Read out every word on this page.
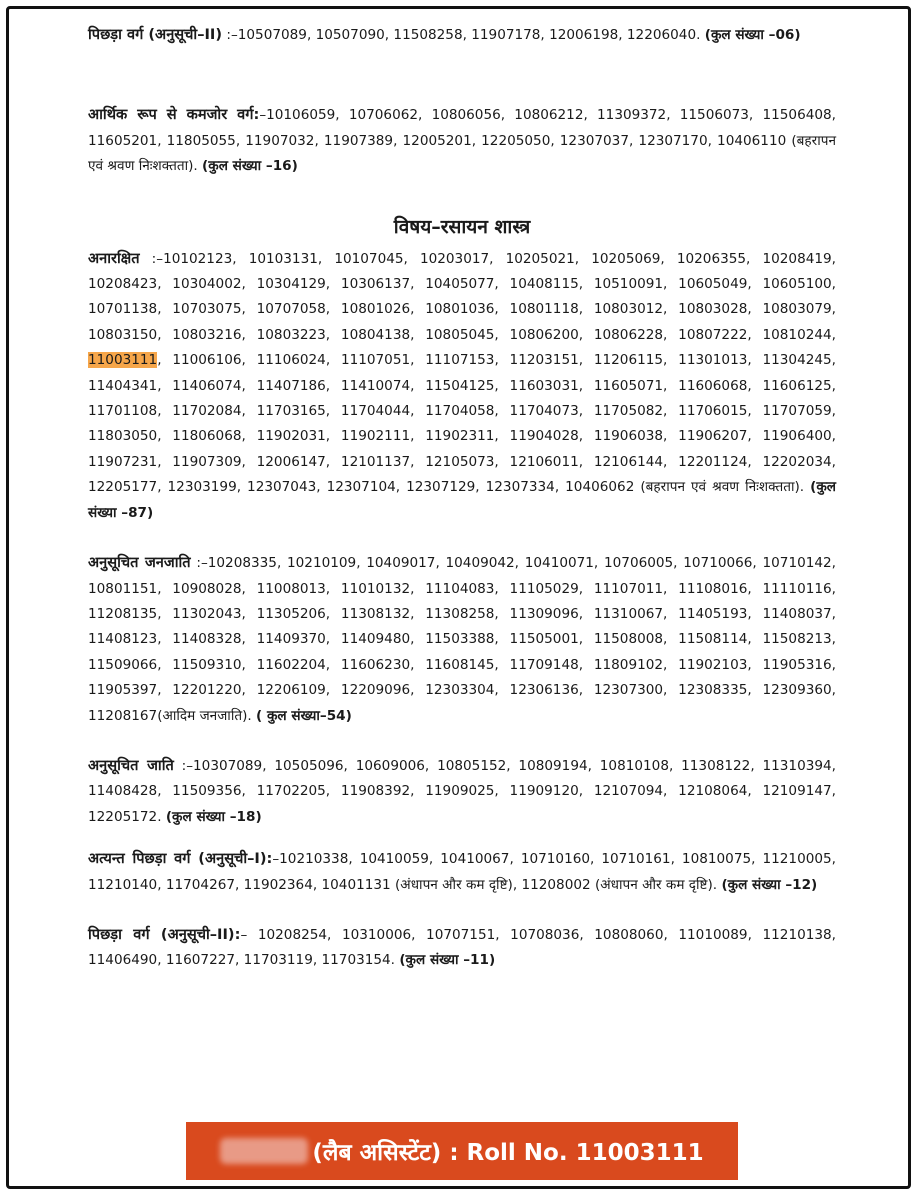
पिछड़ा वर्ग (अनुसूची–II) :–10507089, 10507090, 11508258, 11907178, 12006198, 12206040. (कुल संख्या –06)

आर्थिक रूप से कमजोर वर्ग:–10106059, 10706062, 10806056, 10806212, 11309372, 11506073, 11506408, 11605201, 11805055, 11907032, 11907389, 12005201, 12205050, 12307037, 12307170, 10406110 (बहरापन एवं श्रवण निःशक्तता). (कुल संख्या –16)

विषय–रसायन शास्त्र

अनारक्षित :–10102123, 10103131, 10107045, 10203017, 10205021, 10205069, 10206355, 10208419, 10208423, 10304002, 10304129, 10306137, 10405077, 10408115, 10510091, 10605049, 10605100, 10701138, 10703075, 10707058, 10801026, 10801036, 10801118, 10803012, 10803028, 10803079, 10803150, 10803216, 10803223, 10804138, 10805045, 10806200, 10806228, 10807222, 10810244, 11003111, 11006106, 11106024, 11107051, 11107153, 11203151, 11206115, 11301013, 11304245, 11404341, 11406074, 11407186, 11410074, 11504125, 11603031, 11605071, 11606068, 11606125, 11701108, 11702084, 11703165, 11704044, 11704058, 11704073, 11705082, 11706015, 11707059, 11803050, 11806068, 11902031, 11902111, 11902311, 11904028, 11906038, 11906207, 11906400, 11907231, 11907309, 12006147, 12101137, 12105073, 12106011, 12106144, 12201124, 12202034, 12205177, 12303199, 12307043, 12307104, 12307129, 12307334, 10406062 (बहरापन एवं श्रवण निःशक्तता). (कुल संख्या –87)

अनुसूचित जनजाति :–10208335, 10210109, 10409017, 10409042, 10410071, 10706005, 10710066, 10710142, 10801151, 10908028, 11008013, 11010132, 11104083, 11105029, 11107011, 11108016, 11110116, 11208135, 11302043, 11305206, 11308132, 11308258, 11309096, 11310067, 11405193, 11408037, 11408123, 11408328, 11409370, 11409480, 11503388, 11505001, 11508008, 11508114, 11508213, 11509066, 11509310, 11602204, 11606230, 11608145, 11709148, 11809102, 11902103, 11905316, 11905397, 12201220, 12206109, 12209096, 12303304, 12306136, 12307300, 12308335, 12309360, 11208167(आदिम जनजाति). ( कुल संख्या–54)

अनुसूचित जाति :–10307089, 10505096, 10609006, 10805152, 10809194, 10810108, 11308122, 11310394, 11408428, 11509356, 11702205, 11908392, 11909025, 11909120, 12107094, 12108064, 12109147, 12205172. (कुल संख्या –18)

अत्यन्त पिछड़ा वर्ग (अनुसूची–I):–10210338, 10410059, 10410067, 10710160, 10710161, 10810075, 11210005, 11210140, 11704267, 11902364, 10401131 (अंधापन और कम दृष्टि), 11208002 (अंधापन और कम दृष्टि). (कुल संख्या –12)

पिछड़ा वर्ग (अनुसूची–II):– 10208254, 10310006, 10707151, 10708036, 10808060, 11010089, 11210138, 11406490, 11607227, 11703119, 11703154. (कुल संख्या –11)

(लैब असिस्टेंट) : Roll No. 11003111
